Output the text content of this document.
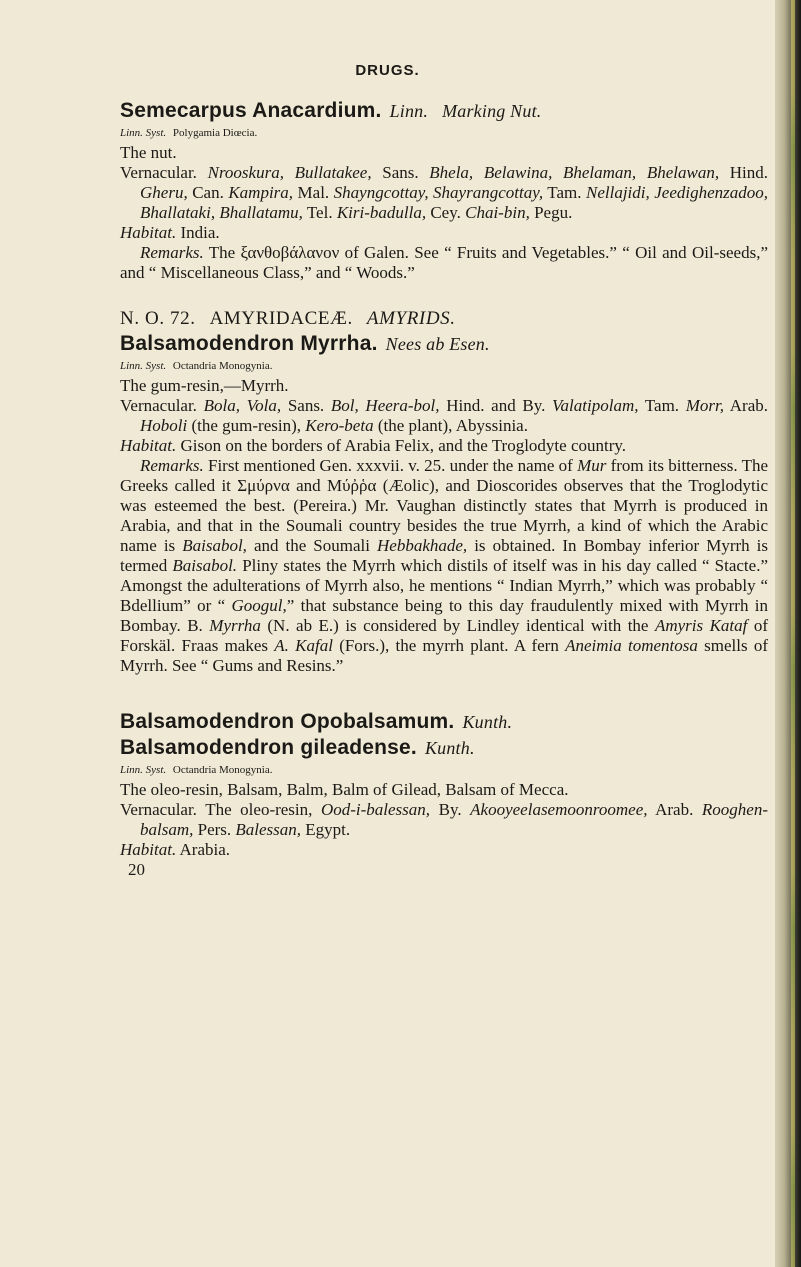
DRUGS.
Semecarpus Anacardium. Linn. Marking Nut.
Linn. Syst. Polygamia Diœcia.
The nut.
Vernacular. Nrooskura, Bullatakee, Sans. Bhela, Belawina, Bhelaman, Bhelawan, Hind. Gheru, Can. Kampira, Mal. Shayngcottay, Shayrangcottay, Tam. Nellajidi, Jeedighenzadoo, Bhallataki, Bhallatamu, Tel. Kiri-badulla, Cey. Chai-bin, Pegu.
Habitat. India.
Remarks. The ξανθοβάλανον of Galen. See “ Fruits and Vegetables.” “ Oil and Oil-seeds,” and “ Miscellaneous Class,” and “ Woods.”
N. O. 72. AMYRIDACEÆ. AMYRIDS.
Balsamodendron Myrrha. Nees ab Esen.
Linn. Syst. Octandria Monogynia.
The gum-resin,—Myrrh.
Vernacular. Bola, Vola, Sans. Bol, Heera-bol, Hind. and By. Valatipolam, Tam. Morr, Arab. Hoboli (the gum-resin), Kero-beta (the plant), Abyssinia.
Habitat. Gison on the borders of Arabia Felix, and the Troglodyte country.
Remarks. First mentioned Gen. xxxvii. v. 25. under the name of Mur from its bitterness. The Greeks called it Σμύρνα and Μύῤῥα (Æolic), and Dioscorides observes that the Troglodytic was esteemed the best. (Pereira.) Mr. Vaughan distinctly states that Myrrh is produced in Arabia, and that in the Soumali country besides the true Myrrh, a kind of which the Arabic name is Baisabol, and the Soumali Hebbakhade, is obtained. In Bombay inferior Myrrh is termed Baisabol. Pliny states the Myrrh which distils of itself was in his day called “ Stacte.” Amongst the adulterations of Myrrh also, he mentions “ Indian Myrrh,” which was probably “ Bdellium” or “ Googul,” that substance being to this day fraudulently mixed with Myrrh in Bombay. B. Myrrha (N. ab E.) is considered by Lindley identical with the Amyris Kataf of Forskäl. Fraas makes A. Kafal (Fors.), the myrrh plant. A fern Aneimia tomentosa smells of Myrrh. See “ Gums and Resins.”
Balsamodendron Opobalsamum. Kunth.
Balsamodendron gileadense. Kunth.
Linn. Syst. Octandria Monogynia.
The oleo-resin, Balsam, Balm, Balm of Gilead, Balsam of Mecca.
Vernacular. The oleo-resin, Ood-i-balessan, By. Akooyeelasemoonroomee, Arab. Rooghen-balsam, Pers. Balessan, Egypt.
Habitat. Arabia.
20
